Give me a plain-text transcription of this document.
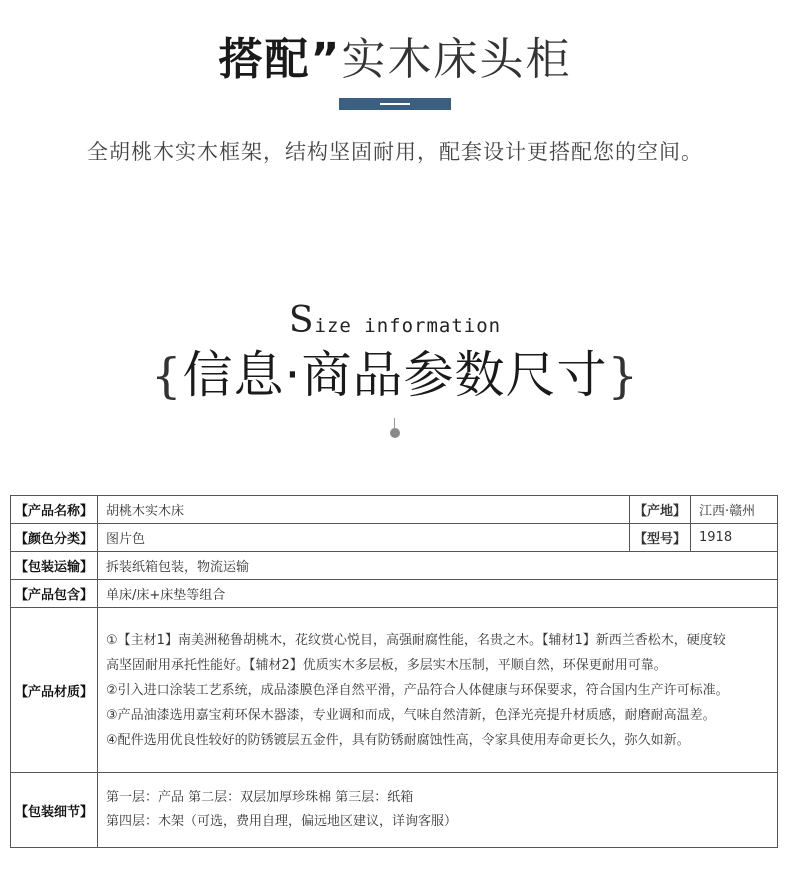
搭配”实木床头柜
全胡桃木实木框架，结构坚固耐用，配套设计更搭配您的空间。
Size information
{信息·商品参数尺寸}
【产品名称】	胡桃木实木床	【产地】	江西·赣州
【颜色分类】	图片色	【型号】	1918
【包装运输】	拆装纸箱包装，物流运输		
【产品包含】	单床/床+床垫等组合		
【产品材质】	①【主材1】南美洲秘鲁胡桃木，花纹赏心悦目，高强耐腐性能，名贵之木。【辅材1】新西兰香松木，硬度较
高坚固耐用承托性能好。【辅材2】优质实木多层板，多层实木压制，平顺自然，环保更耐用可靠。
②引入进口涂装工艺系统，成品漆膜色泽自然平滑，产品符合人体健康与环保要求，符合国内生产许可标准。
③产品油漆选用嘉宝莉环保木器漆，专业调和而成，气味自然清新，色泽光亮提升材质感，耐磨耐高温差。
④配件选用优良性较好的防锈镀层五金件，具有防锈耐腐蚀性高，令家具使用寿命更长久，弥久如新。		

【包装细节】	第一层：产品 第二层：双层加厚珍珠棉 第三层：纸箱
第四层：木架（可选，费用自理，偏远地区建议，详询客服）		
